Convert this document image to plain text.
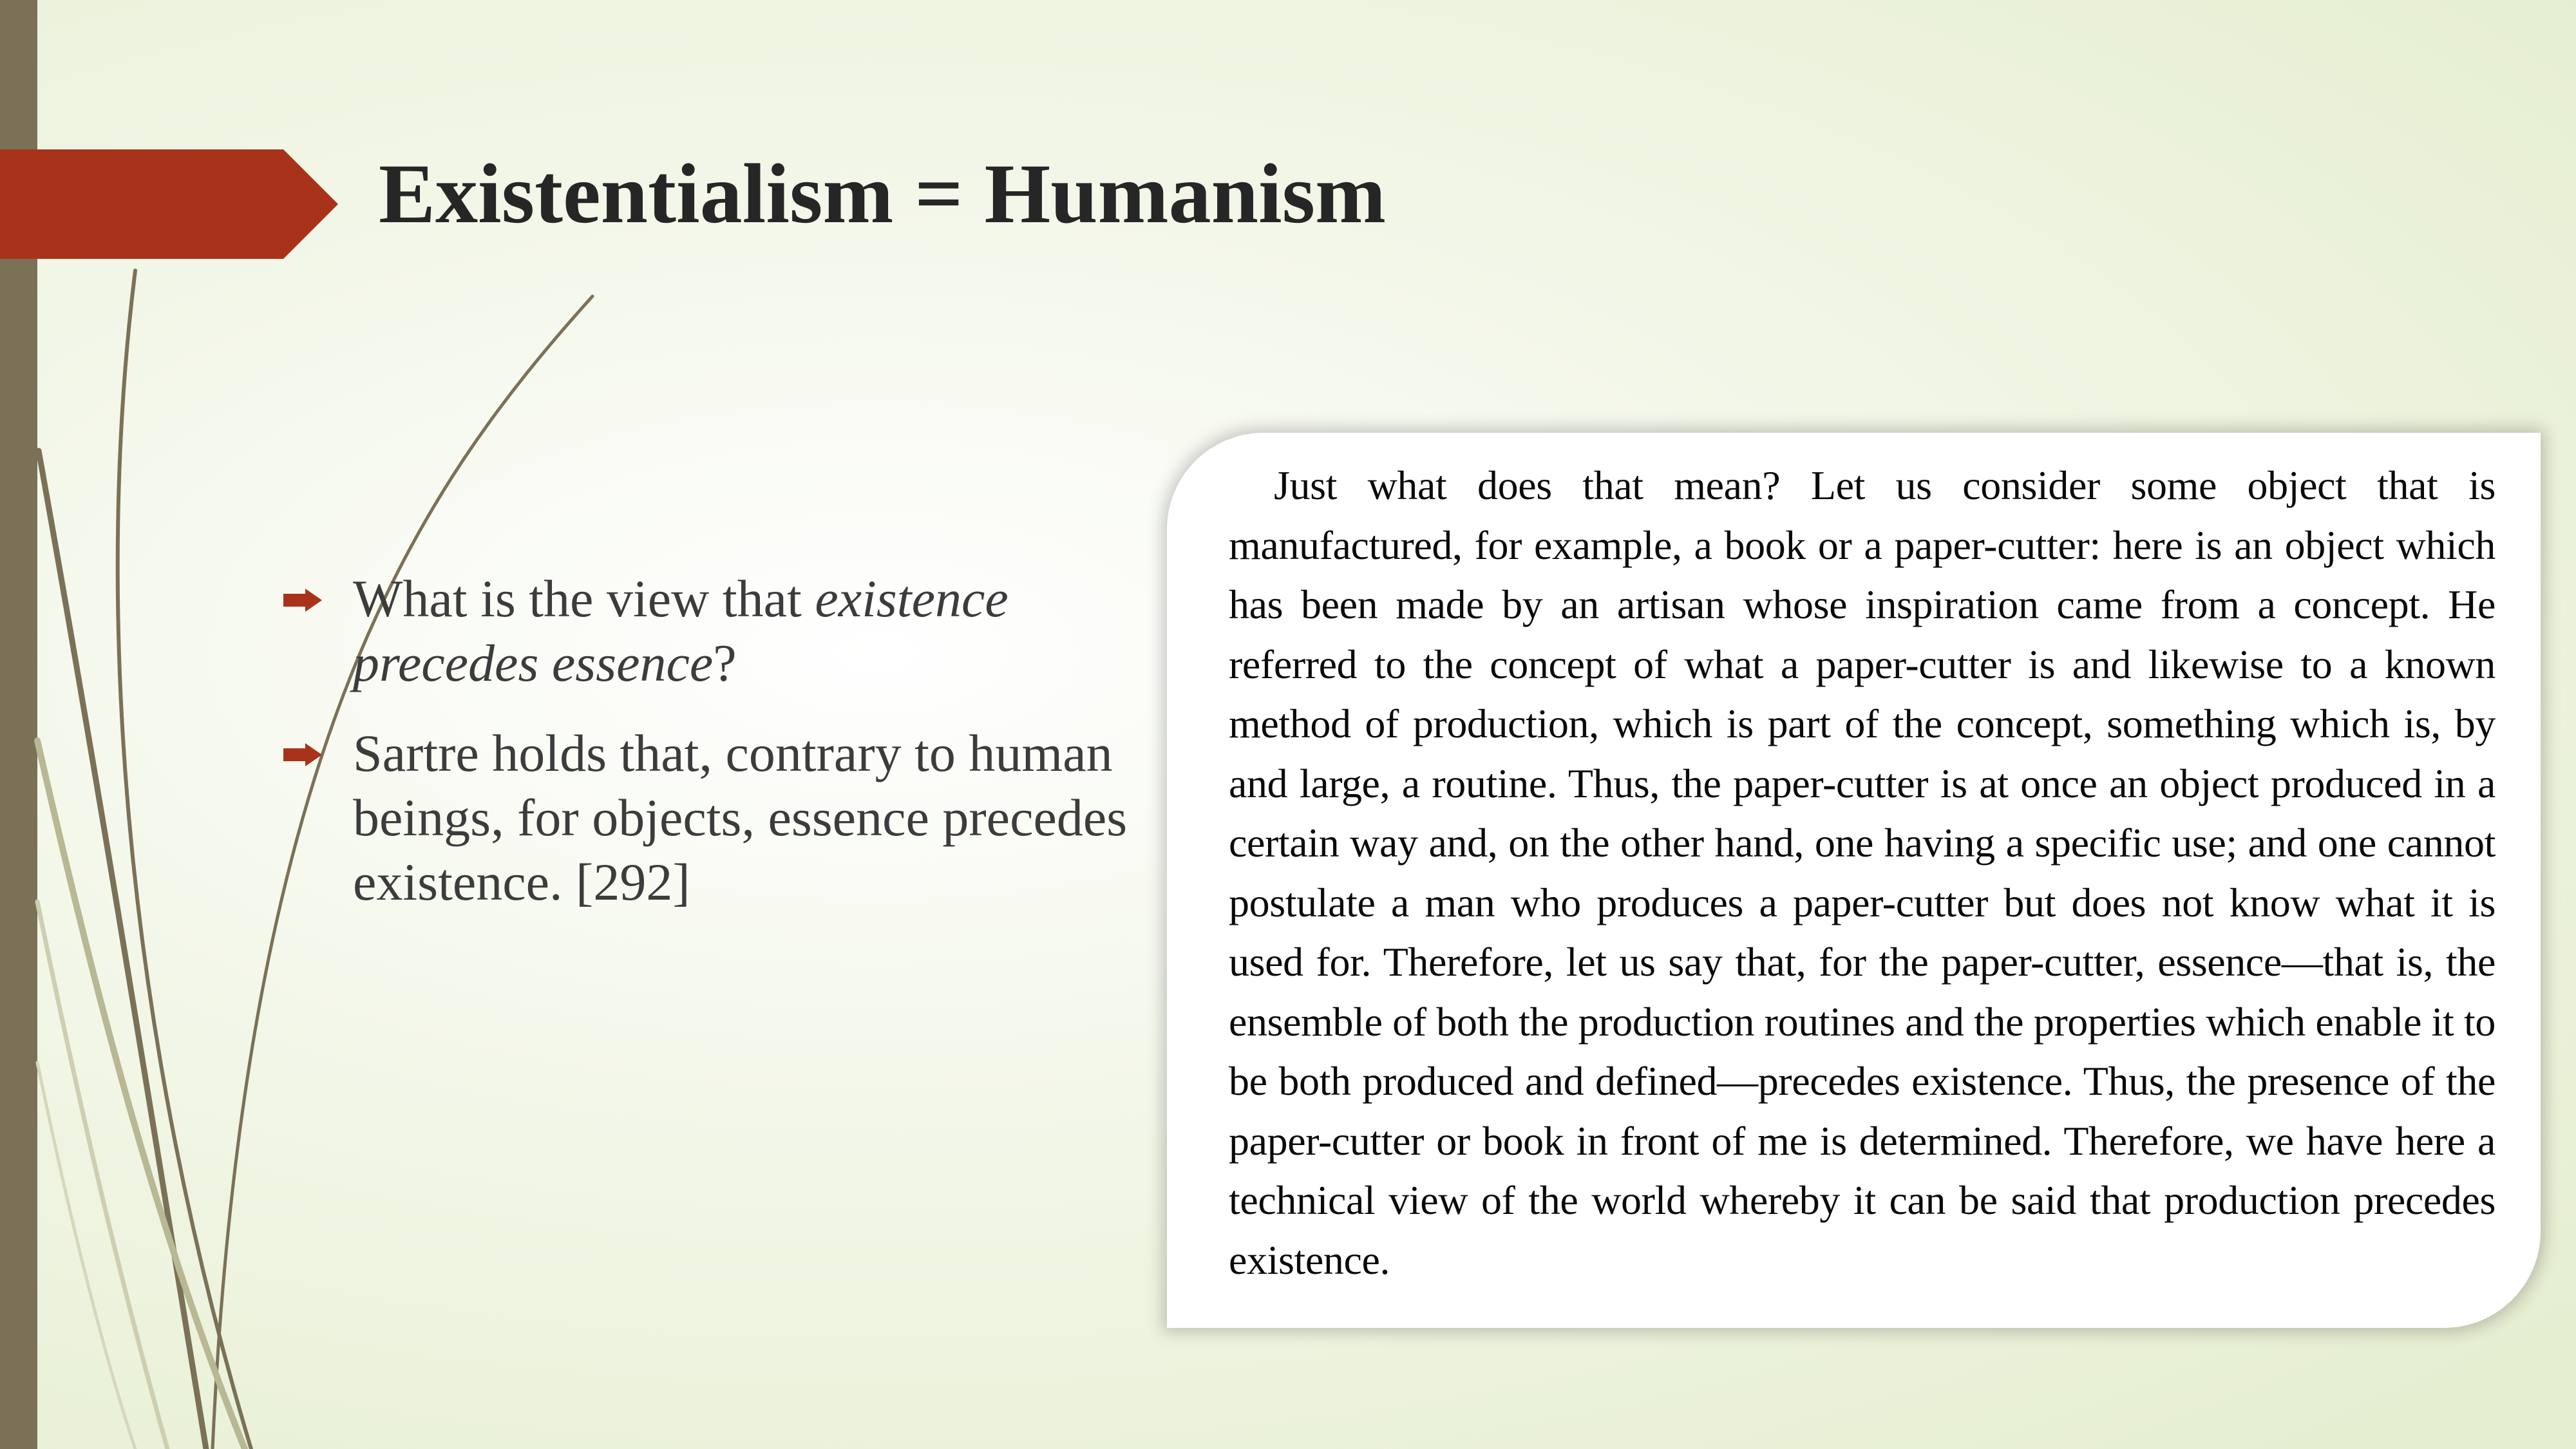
Existentialism = Humanism
What is the view that existence precedes essence?
Sartre holds that, contrary to human beings, for objects, essence precedes existence. [292]

Just what does that mean? Let us consider some object that is manufactured, for example, a book or a paper-cutter: here is an object which has been made by an artisan whose inspiration came from a concept. He referred to the concept of what a paper-cutter is and likewise to a known method of production, which is part of the concept, something which is, by and large, a routine. Thus, the paper-cutter is at once an object produced in a certain way and, on the other hand, one having a specific use; and one cannot postulate a man who produces a paper-cutter but does not know what it is used for. Therefore, let us say that, for the paper-cutter, essence—that is, the ensemble of both the production routines and the properties which enable it to be both produced and defined—precedes existence. Thus, the presence of the paper-cutter or book in front of me is determined. Therefore, we have here a technical view of the world whereby it can be said that production precedes existence.
